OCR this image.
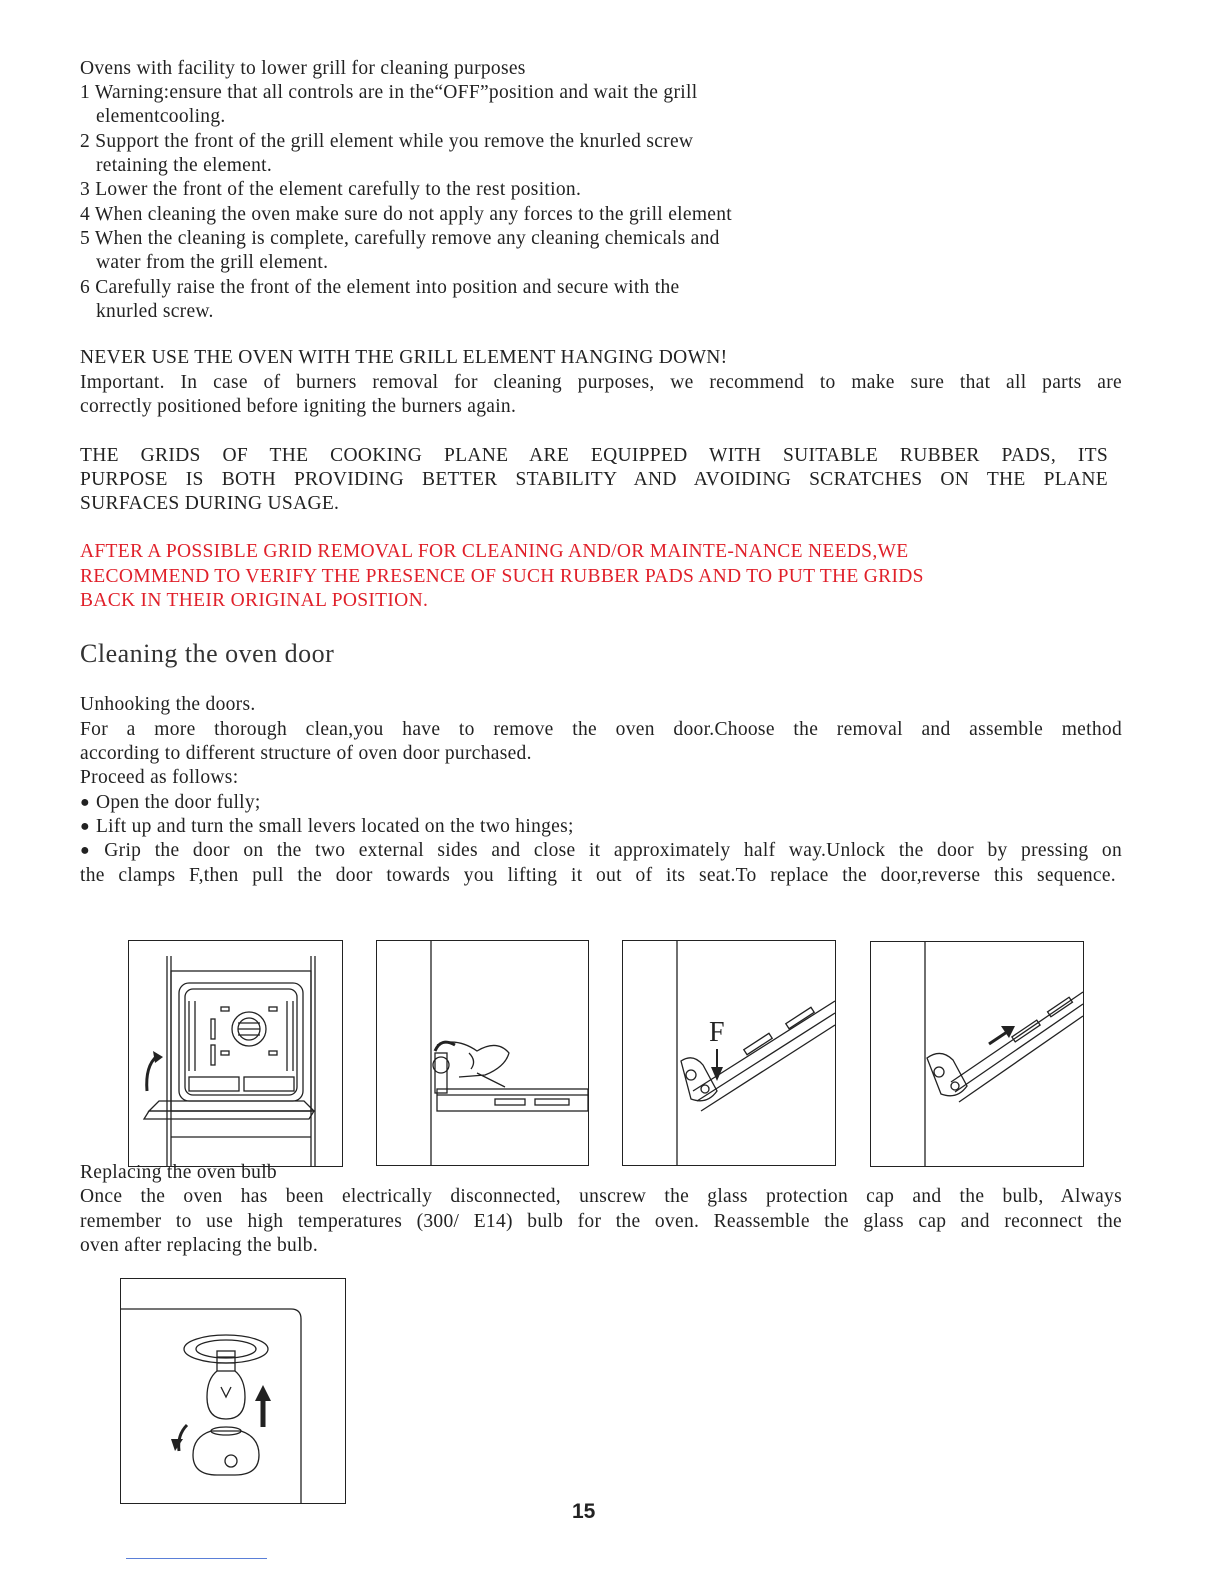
Ovens with facility to lower grill for cleaning purposes
1 Warning:ensure that all controls are in the“OFF”position and wait the grill
elementcooling.
2 Support the front of the grill element while you remove the knurled screw
retaining the element.
3 Lower the front of the element carefully to the rest position.
4 When cleaning the oven make sure do not apply any forces to the grill element
5 When the cleaning is complete, carefully remove any cleaning chemicals and
water from the grill element.
6 Carefully raise the front of the element into position and secure with the
knurled screw.
NEVER USE THE OVEN WITH THE GRILL ELEMENT HANGING DOWN!
Important. In case of burners removal for cleaning purposes, we recommend to make sure that all parts are
correctly positioned before igniting the burners again.
THE GRIDS OF THE COOKING PLANE ARE EQUIPPED WITH SUITABLE RUBBER PADS, ITS
PURPOSE IS BOTH PROVIDING BETTER STABILITY AND AVOIDING SCRATCHES ON THE PLANE
SURFACES DURING USAGE.
AFTER A POSSIBLE GRID REMOVAL FOR CLEANING AND/OR MAINTE-NANCE NEEDS,WE
RECOMMEND TO VERIFY THE PRESENCE OF SUCH RUBBER PADS AND TO PUT THE GRIDS
BACK IN THEIR ORIGINAL POSITION.
Cleaning the oven door
Unhooking the doors.
For a more thorough clean,you have to remove the oven door.Choose the removal and assemble method
according to different structure of oven door purchased.
Proceed as follows:
● Open the door fully;
● Lift up and turn the small levers located on the two hinges;
● Grip the door on the two external sides and close it approximately half way.Unlock the door by pressing on
the clamps F,then pull the door towards you lifting it out of its seat.To replace the door,reverse this sequence.
F
Replacing the oven bulb
Once the oven has been electrically disconnected, unscrew the glass protection cap and the bulb, Always
remember to use high temperatures (300/ E14) bulb for the oven. Reassemble the glass cap and reconnect the
oven after replacing the bulb.
15
